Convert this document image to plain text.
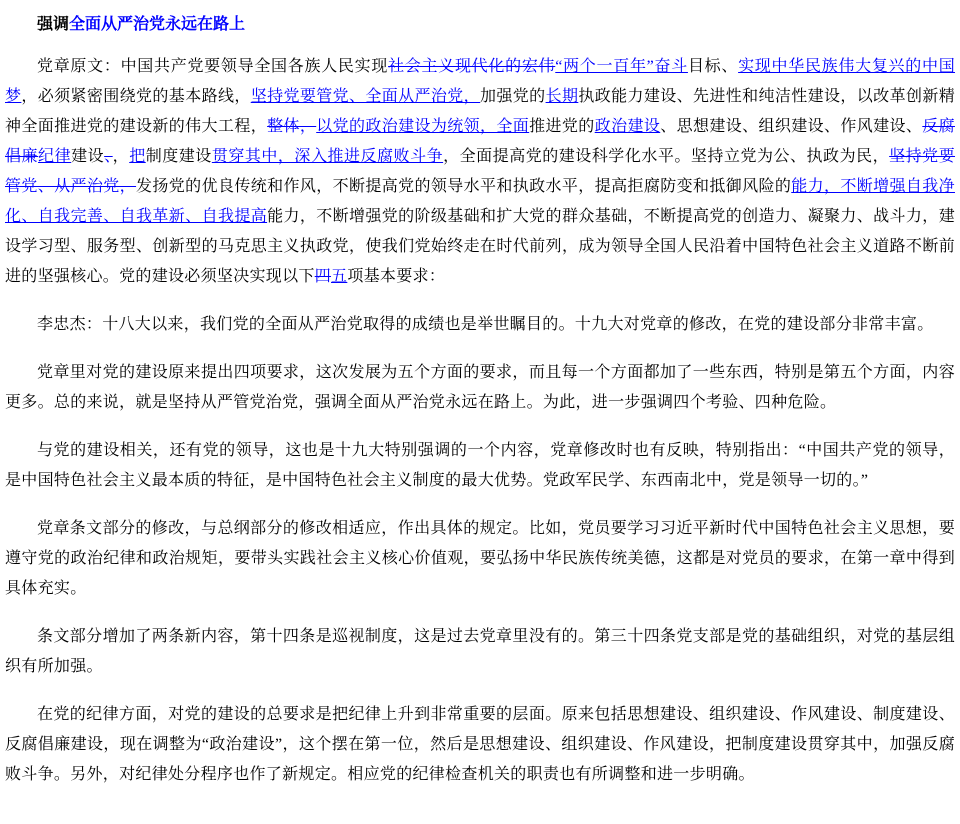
强调全面从严治党永远在路上

党章原文：中国共产党要领导全国各族人民实现社会主义现代化的宏伟“两个一百年”奋斗目标、实现中华民族伟大复兴的中国梦，必须紧密围绕党的基本路线，坚持党要管党、全面从严治党，加强党的长期执政能力建设、先进性和纯洁性建设，以改革创新精神全面推进党的建设新的伟大工程，整体，以党的政治建设为统领，全面推进党的政治建设、思想建设、组织建设、作风建设、反腐倡廉纪律建设、，把制度建设贯穿其中，深入推进反腐败斗争，全面提高党的建设科学化水平。坚持立党为公、执政为民，坚持党要管党、从严治党，发扬党的优良传统和作风，不断提高党的领导水平和执政水平，提高拒腐防变和抵御风险的能力，不断增强自我净化、自我完善、自我革新、自我提高能力，不断增强党的阶级基础和扩大党的群众基础，不断提高党的创造力、凝聚力、战斗力，建设学习型、服务型、创新型的马克思主义执政党，使我们党始终走在时代前列，成为领导全国人民沿着中国特色社会主义道路不断前进的坚强核心。党的建设必须坚决实现以下四五项基本要求：

李忠杰：十八大以来，我们党的全面从严治党取得的成绩也是举世瞩目的。十九大对党章的修改，在党的建设部分非常丰富。

党章里对党的建设原来提出四项要求，这次发展为五个方面的要求，而且每一个方面都加了一些东西，特别是第五个方面，内容更多。总的来说，就是坚持从严管党治党，强调全面从严治党永远在路上。为此，进一步强调四个考验、四种危险。

与党的建设相关，还有党的领导，这也是十九大特别强调的一个内容，党章修改时也有反映，特别指出：“中国共产党的领导，是中国特色社会主义最本质的特征，是中国特色社会主义制度的最大优势。党政军民学、东西南北中，党是领导一切的。”

党章条文部分的修改，与总纲部分的修改相适应，作出具体的规定。比如，党员要学习习近平新时代中国特色社会主义思想，要遵守党的政治纪律和政治规矩，要带头实践社会主义核心价值观，要弘扬中华民族传统美德，这都是对党员的要求，在第一章中得到具体充实。

条文部分增加了两条新内容，第十四条是巡视制度，这是过去党章里没有的。第三十四条党支部是党的基础组织，对党的基层组织有所加强。

在党的纪律方面，对党的建设的总要求是把纪律上升到非常重要的层面。原来包括思想建设、组织建设、作风建设、制度建设、反腐倡廉建设，现在调整为“政治建设”，这个摆在第一位，然后是思想建设、组织建设、作风建设，把制度建设贯穿其中，加强反腐败斗争。另外，对纪律处分程序也作了新规定。相应党的纪律检查机关的职责也有所调整和进一步明确。
